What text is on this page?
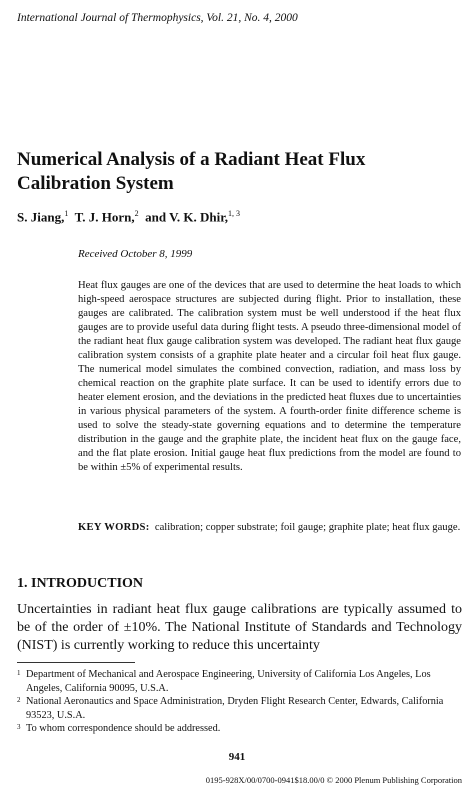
International Journal of Thermophysics, Vol. 21, No. 4, 2000
Numerical Analysis of a Radiant Heat Flux Calibration System
S. Jiang,$^1$ T. J. Horn,$^2$ and V. K. Dhir,$^{1, 3}$
Received October 8, 1999
Heat flux gauges are one of the devices that are used to determine the heat loads to which high-speed aerospace structures are subjected during flight. Prior to installation, these gauges are calibrated. The calibration system must be well understood if the heat flux gauges are to provide useful data during flight tests. A pseudo three-dimensional model of the radiant heat flux gauge calibration system was developed. The radiant heat flux gauge calibration system consists of a graphite plate heater and a circular foil heat flux gauge. The numerical model simulates the combined convection, radiation, and mass loss by chemical reaction on the graphite plate surface. It can be used to identify errors due to heater element erosion, and the deviations in the predicted heat fluxes due to uncertainties in various physical parameters of the system. A fourth-order finite difference scheme is used to solve the steady-state governing equations and to determine the temperature distribution in the gauge and the graphite plate, the incident heat flux on the gauge face, and the flat plate erosion. Initial gauge heat flux predictions from the model are found to be within ±5% of experimental results.
KEY WORDS: calibration; copper substrate; foil gauge; graphite plate; heat flux gauge.
1. INTRODUCTION
Uncertainties in radiant heat flux gauge calibrations are typically assumed to be of the order of ±10%. The National Institute of Standards and Technology (NIST) is currently working to reduce this uncertainty
1 Department of Mechanical and Aerospace Engineering, University of California Los Angeles, Los Angeles, California 90095, U.S.A.
2 National Aeronautics and Space Administration, Dryden Flight Research Center, Edwards, California 93523, U.S.A.
3 To whom correspondence should be addressed.
941
0195-928X/00/0700-0941$18.00/0 © 2000 Plenum Publishing Corporation
